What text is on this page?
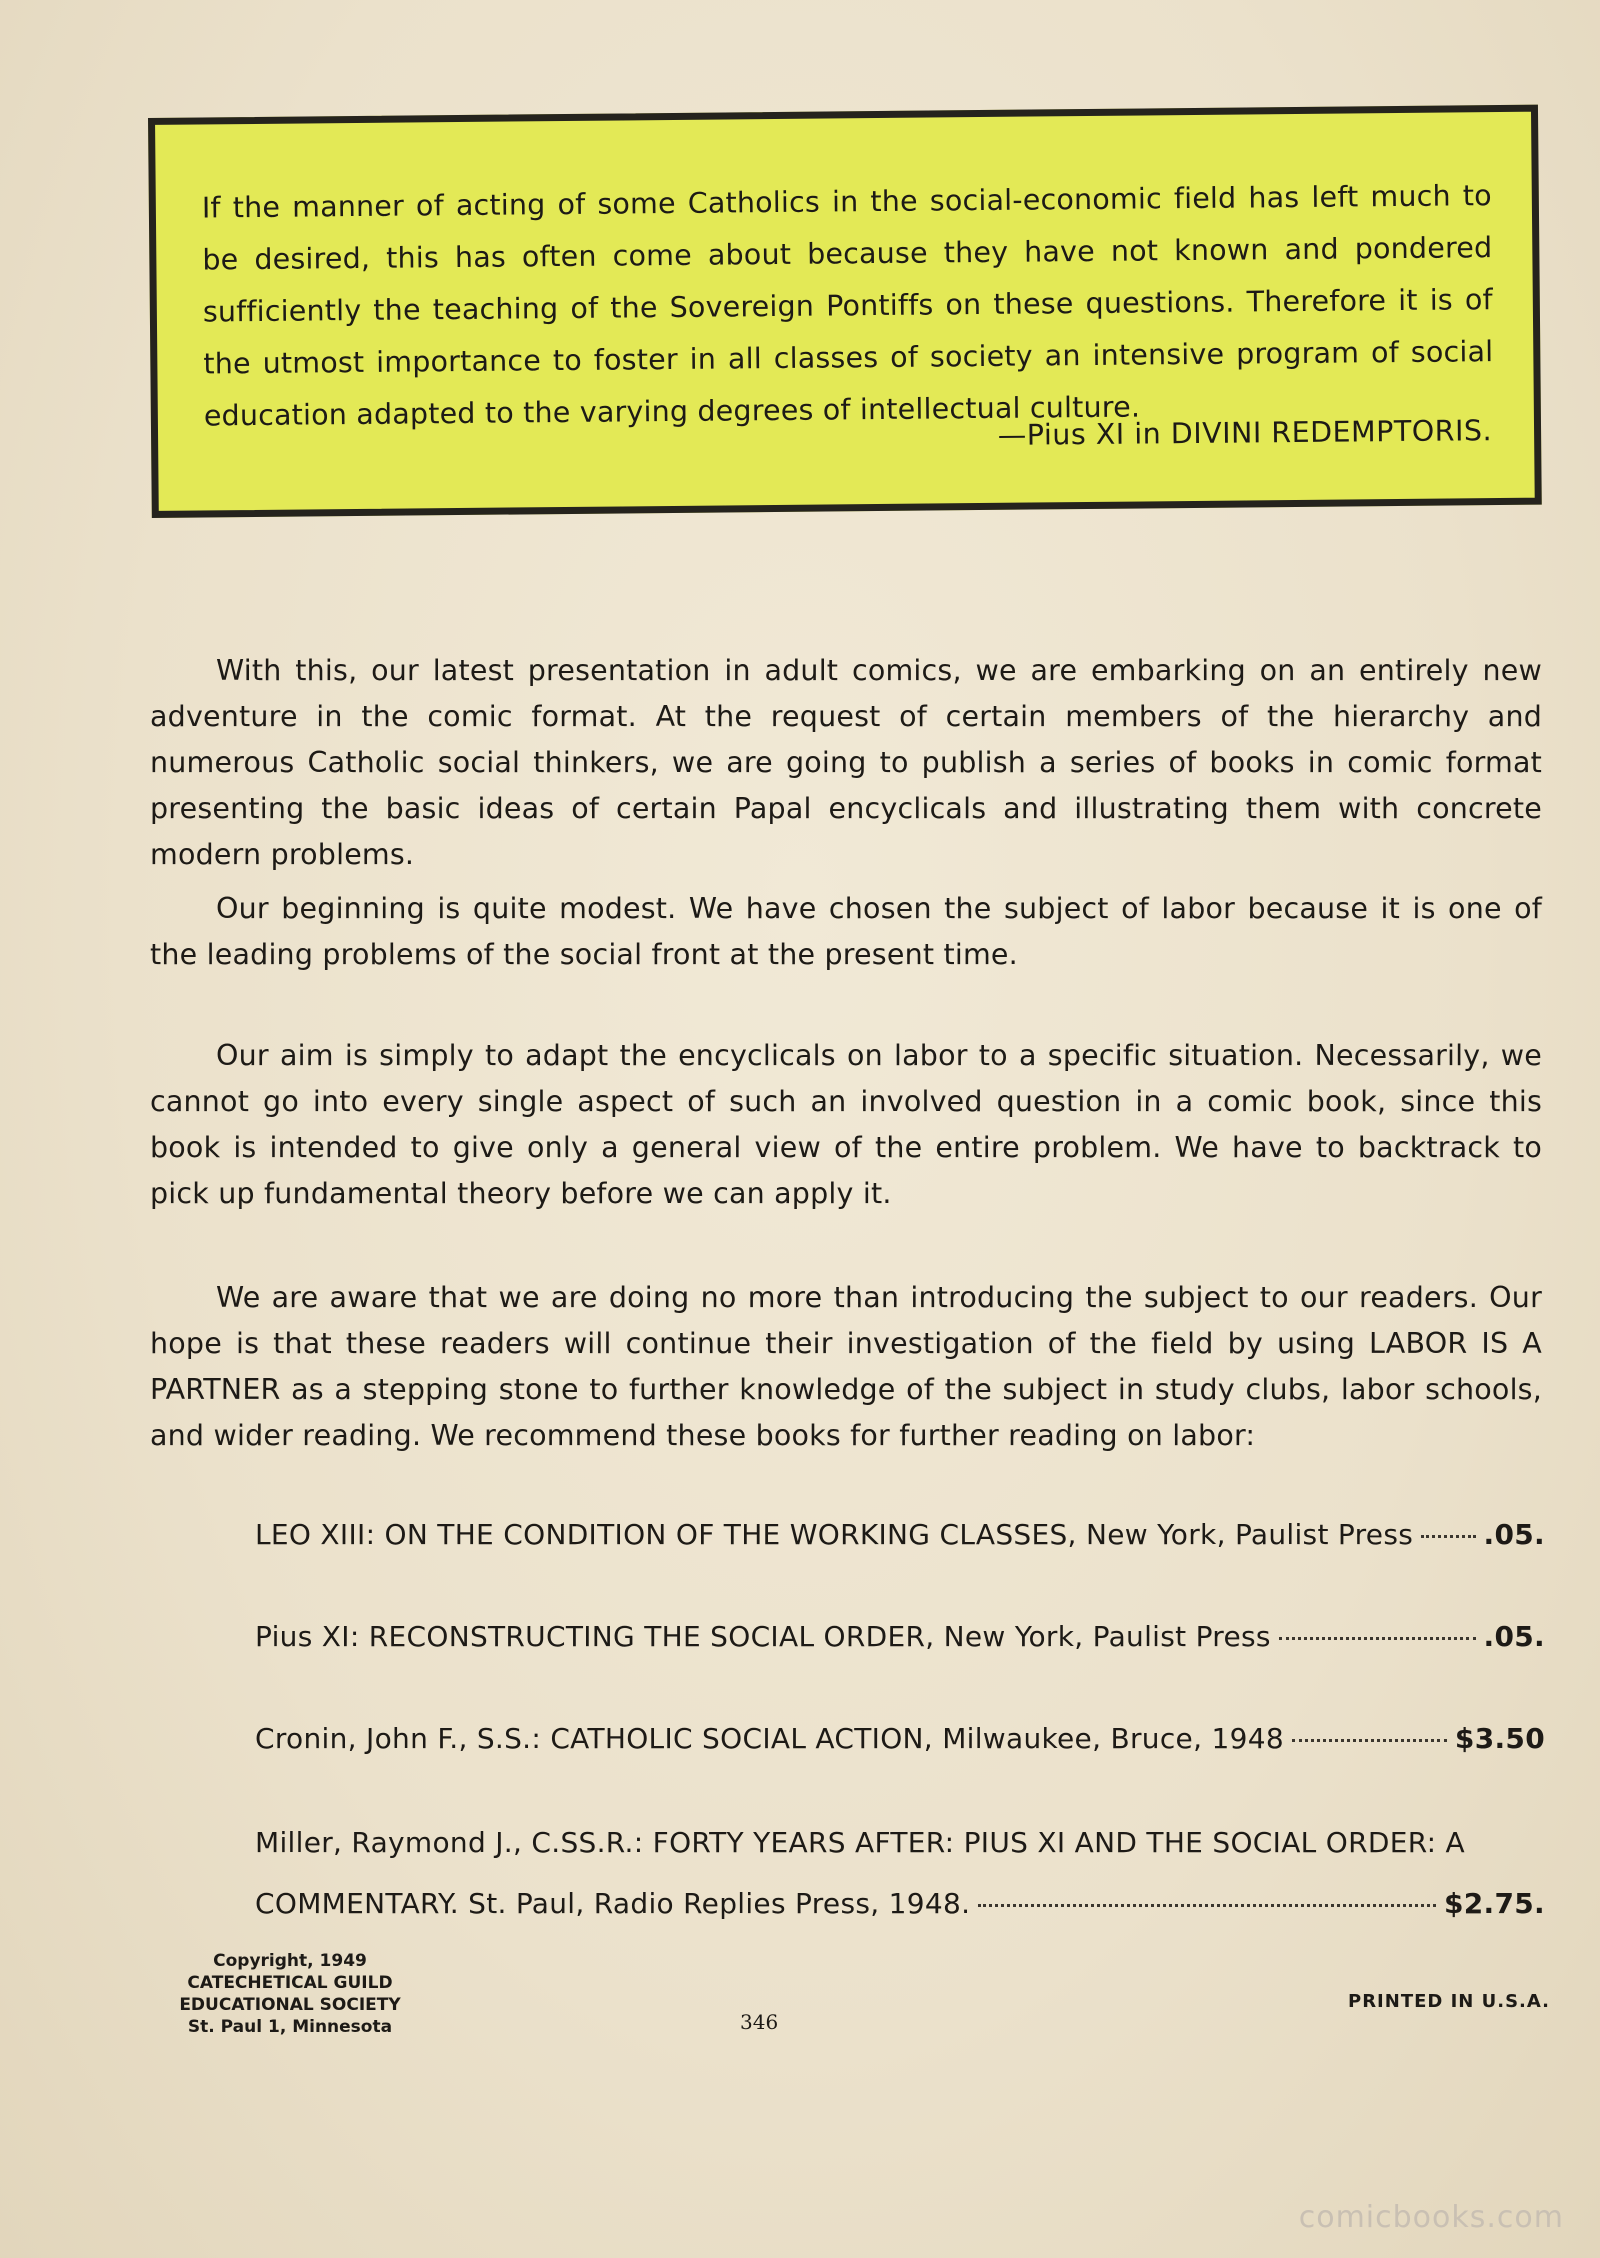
If the manner of acting of some Catholics in the social-economic field has left much to be desired, this has often come about because they have not known and pondered sufficiently the teaching of the Sovereign Pontiffs on these questions. Therefore it is of the utmost importance to foster in all classes of society an intensive program of social education adapted to the varying degrees of intellectual culture.

—Pius XI in DIVINI REDEMPTORIS.

With this, our latest presentation in adult comics, we are embarking on an entirely new adventure in the comic format. At the request of certain members of the hierarchy and numerous Catholic social thinkers, we are going to publish a series of books in comic format presenting the basic ideas of certain Papal encyclicals and illustrating them with concrete modern problems.

Our beginning is quite modest. We have chosen the subject of labor because it is one of the leading problems of the social front at the present time.

Our aim is simply to adapt the encyclicals on labor to a specific situation. Necessarily, we cannot go into every single aspect of such an involved question in a comic book, since this book is intended to give only a general view of the entire problem. We have to backtrack to pick up fundamental theory before we can apply it.

We are aware that we are doing no more than introducing the subject to our readers. Our hope is that these readers will continue their investigation of the field by using LABOR IS A PARTNER as a stepping stone to further knowledge of the subject in study clubs, labor schools, and wider reading. We recommend these books for further reading on labor:

LEO XIII: ON THE CONDITION OF THE WORKING CLASSES, New York, Paulist Press	.05.
Pius XI: RECONSTRUCTING THE SOCIAL ORDER, New York, Paulist Press	.05.
Cronin, John F., S.S.: CATHOLIC SOCIAL ACTION, Milwaukee, Bruce, 1948	$3.50
Miller, Raymond J., C.SS.R.: FORTY YEARS AFTER: PIUS XI AND THE SOCIAL ORDER: A
COMMENTARY. St. Paul, Radio Replies Press, 1948.	$2.75.
Copyright, 1949
CATECHETICAL GUILD
EDUCATIONAL SOCIETY
St. Paul 1, Minnesota	346
PRINTED IN U.S.A.
comicbooks.com
